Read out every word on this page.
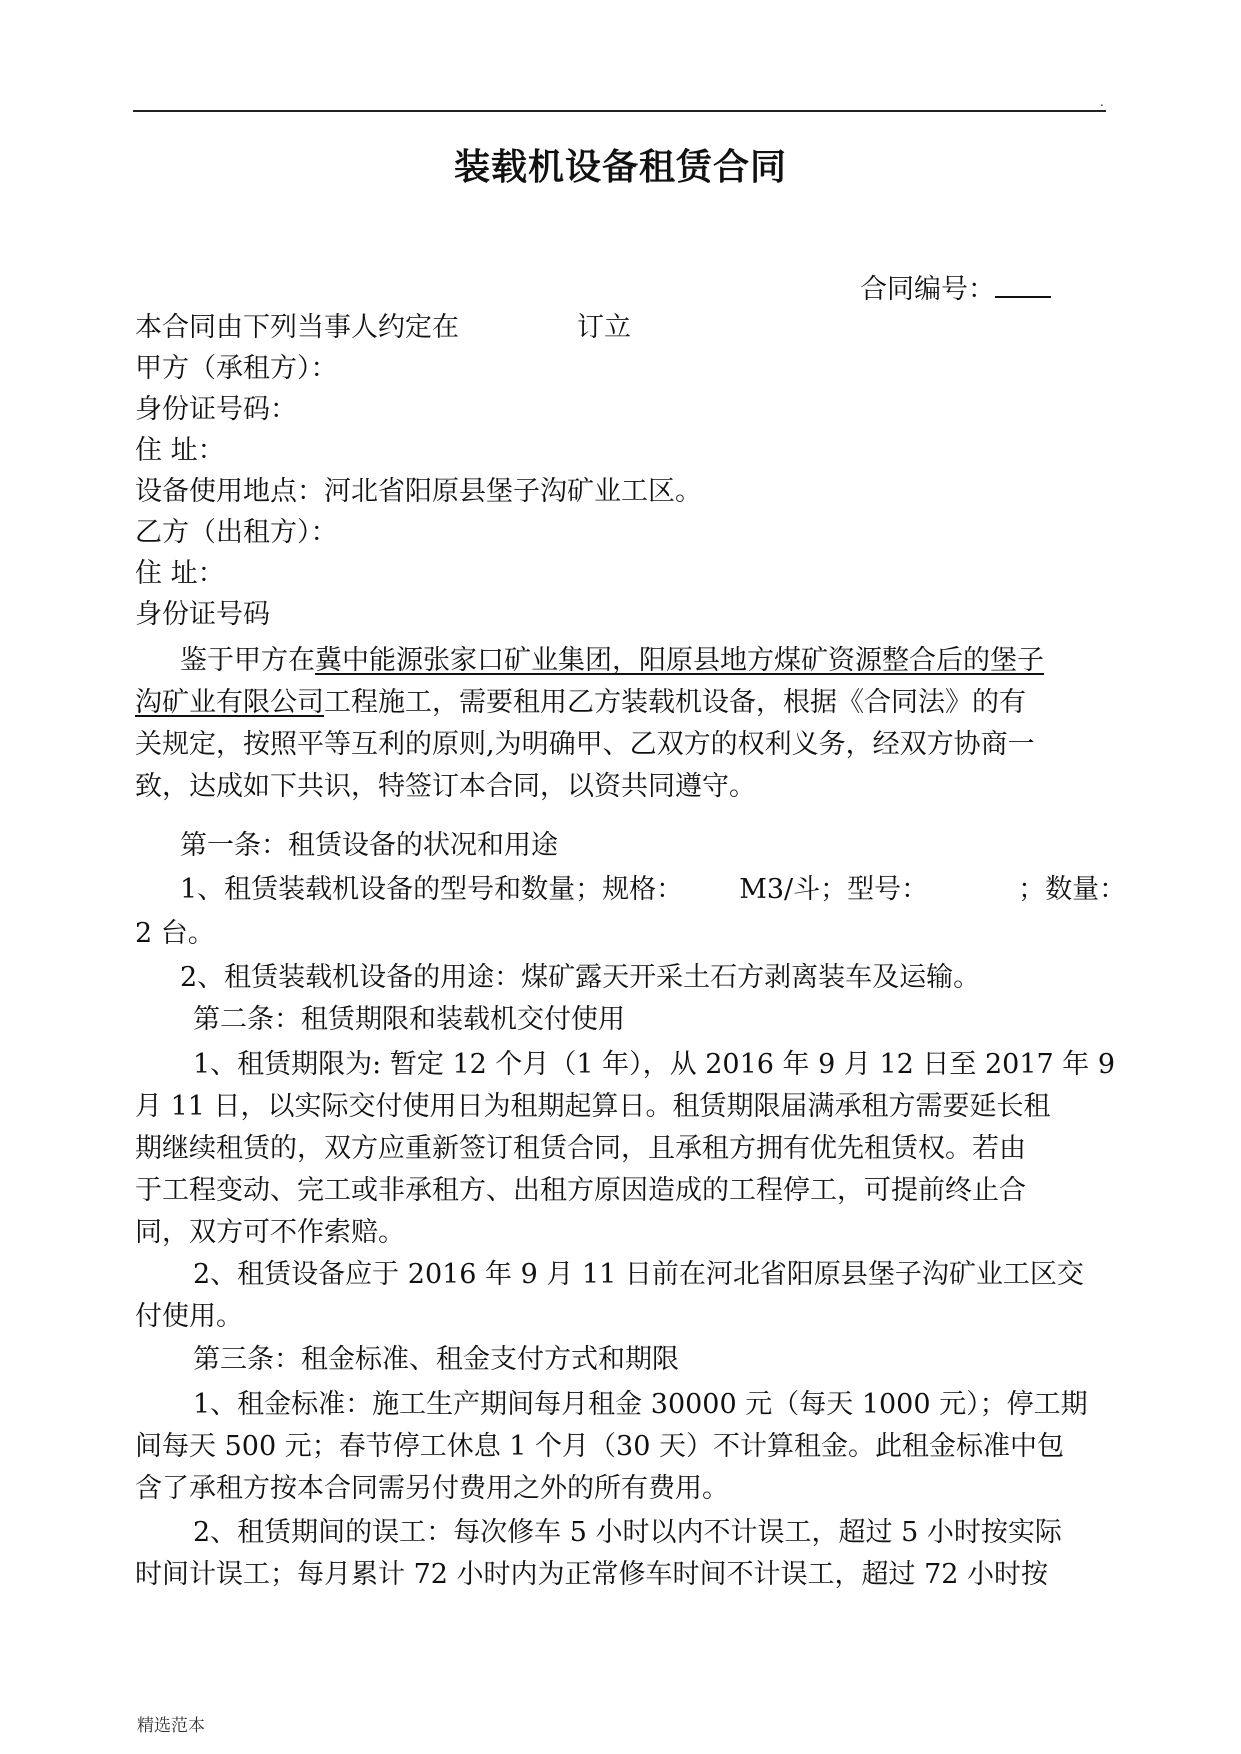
.
装载机设备租赁合同
合同编号：
本合同由下列当事人约定在	订立
甲方（承租方）：
身份证号码：
住 址：
设备使用地点：河北省阳原县堡子沟矿业工区。
乙方（出租方）：
住 址：
身份证号码
鉴于甲方在冀中能源张家口矿业集团，阳原县地方煤矿资源整合后的堡子
沟矿业有限公司工程施工，需要租用乙方装载机设备，根据《合同法》的有
关规定，按照平等互利的原则,为明确甲、乙双方的权利义务，经双方协商一
致，达成如下共识，特签订本合同，以资共同遵守。
第一条：租赁设备的状况和用途
1、租赁装载机设备的型号和数量；规格： M3/斗；型号：	；数量：
2 台。
2、租赁装载机设备的用途：煤矿露天开采土石方剥离装车及运输。
第二条：租赁期限和装载机交付使用
1、租赁期限为: 暂定 12 个月（1 年），从 2016 年 9 月 12 日至 2017 年 9
月 11 日，以实际交付使用日为租期起算日。租赁期限届满承租方需要延长租
期继续租赁的，双方应重新签订租赁合同，且承租方拥有优先租赁权。若由
于工程变动、完工或非承租方、出租方原因造成的工程停工，可提前终止合
同，双方可不作索赔。
2、租赁设备应于 2016 年 9 月 11 日前在河北省阳原县堡子沟矿业工区交
付使用。
第三条：租金标准、租金支付方式和期限
1、租金标准：施工生产期间每月租金 30000 元（每天 1000 元）；停工期
间每天 500 元；春节停工休息 1 个月（30 天）不计算租金。此租金标准中包
含了承租方按本合同需另付费用之外的所有费用。
2、租赁期间的误工：每次修车 5 小时以内不计误工，超过 5 小时按实际
时间计误工；每月累计 72 小时内为正常修车时间不计误工，超过 72 小时按
精选范本
